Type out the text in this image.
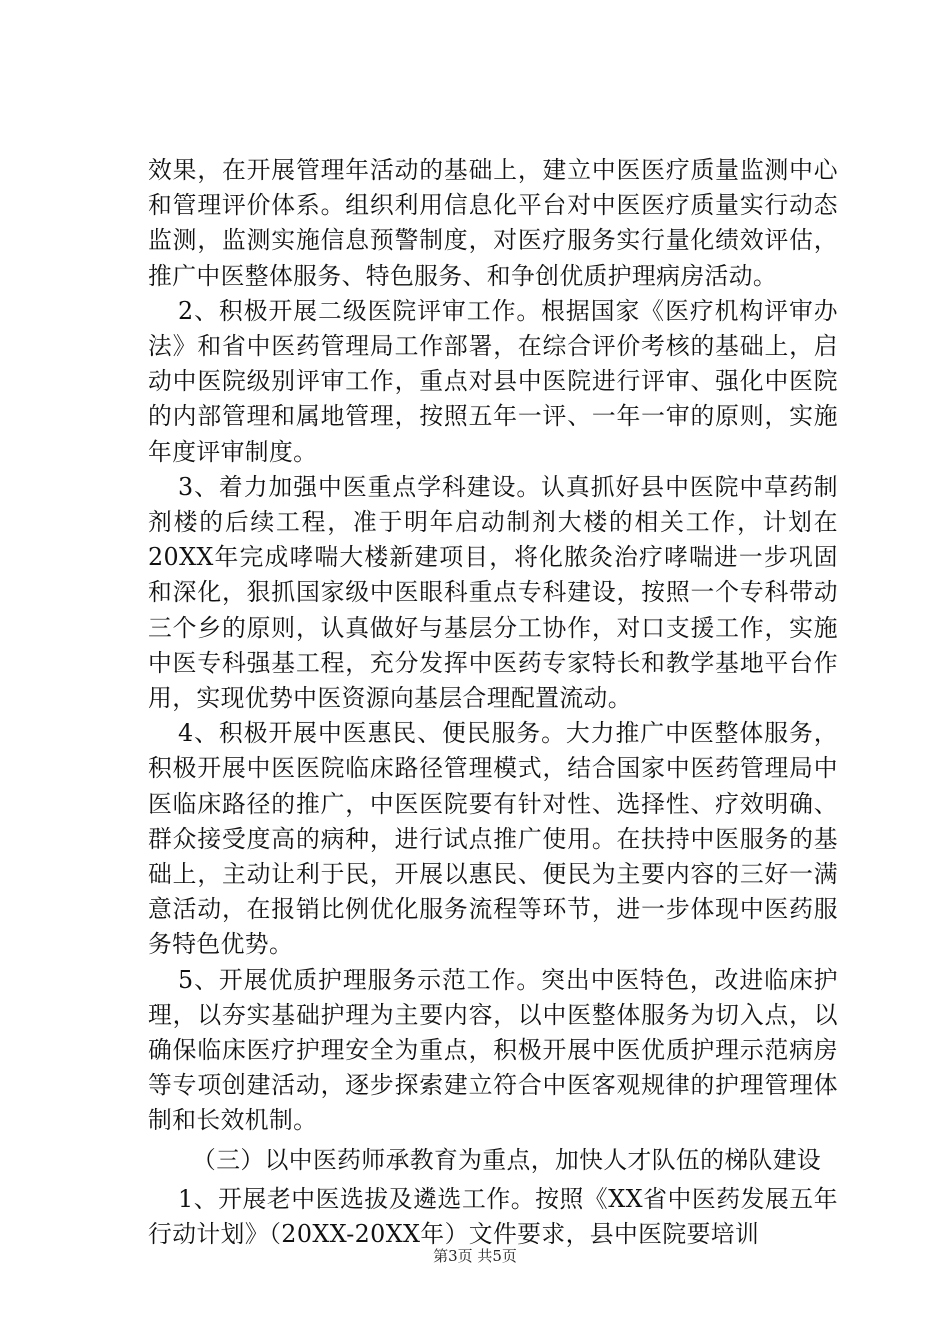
效果，在开展管理年活动的基础上，建立中医医疗质量监测中心和管理评价体系。组织利用信息化平台对中医医疗质量实行动态监测，监测实施信息预警制度，对医疗服务实行量化绩效评估，推广中医整体服务、特色服务、和争创优质护理病房活动。

2、积极开展二级医院评审工作。根据国家《医疗机构评审办法》和省中医药管理局工作部署，在综合评价考核的基础上，启动中医院级别评审工作，重点对县中医院进行评审、强化中医院的内部管理和属地管理，按照五年一评、一年一审的原则，实施年度评审制度。

3、着力加强中医重点学科建设。认真抓好县中医院中草药制剂楼的后续工程，准于明年启动制剂大楼的相关工作，计划在20XX年完成哮喘大楼新建项目，将化脓灸治疗哮喘进一步巩固和深化，狠抓国家级中医眼科重点专科建设，按照一个专科带动三个乡的原则，认真做好与基层分工协作，对口支援工作，实施中医专科强基工程，充分发挥中医药专家特长和教学基地平台作用，实现优势中医资源向基层合理配置流动。

4、积极开展中医惠民、便民服务。大力推广中医整体服务，积极开展中医医院临床路径管理模式，结合国家中医药管理局中医临床路径的推广，中医医院要有针对性、选择性、疗效明确、群众接受度高的病种，进行试点推广使用。在扶持中医服务的基础上，主动让利于民，开展以惠民、便民为主要内容的三好一满意活动，在报销比例优化服务流程等环节，进一步体现中医药服务特色优势。

5、开展优质护理服务示范工作。突出中医特色，改进临床护理，以夯实基础护理为主要内容，以中医整体服务为切入点，以确保临床医疗护理安全为重点，积极开展中医优质护理示范病房等专项创建活动，逐步探索建立符合中医客观规律的护理管理体制和长效机制。

（三）以中医药师承教育为重点，加快人才队伍的梯队建设

1、开展老中医选拔及遴选工作。按照《XX省中医药发展五年行动计划》（20XX-20XX年）文件要求，县中医院要培训

第3页 共5页
